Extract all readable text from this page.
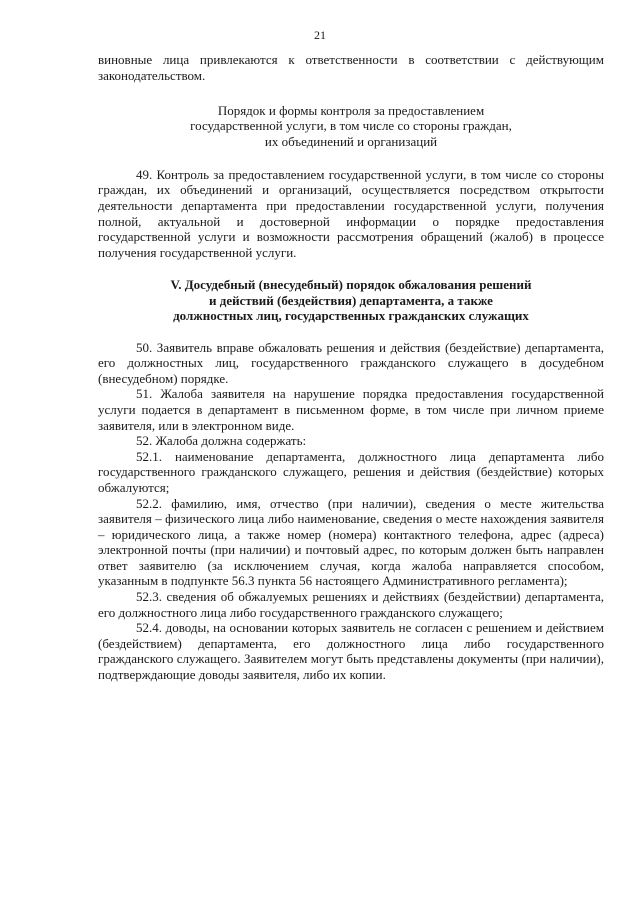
21

виновные лица привлекаются к ответственности в соответствии с действующим законодательством.

Порядок и формы контроля за предоставлением
государственной услуги, в том числе со стороны граждан,
их объединений и организаций

49. Контроль за предоставлением государственной услуги, в том числе со стороны граждан, их объединений и организаций, осуществляется посредством открытости деятельности департамента при предоставлении государственной услуги, получения полной, актуальной и достоверной информации о порядке предоставления государственной услуги и возможности рассмотрения обращений (жалоб) в процессе получения государственной услуги.

V. Досудебный (внесудебный) порядок обжалования решений
и действий (бездействия) департамента, а также
должностных лиц, государственных гражданских служащих

50. Заявитель вправе обжаловать решения и действия (бездействие) департамента, его должностных лиц, государственного гражданского служащего в досудебном (внесудебном) порядке.

51. Жалоба заявителя на нарушение порядка предоставления государственной услуги подается в департамент в письменном форме, в том числе при личном приеме заявителя, или в электронном виде.

52. Жалоба должна содержать:

52.1. наименование департамента, должностного лица департамента либо государственного гражданского служащего, решения и действия (бездействие) которых обжалуются;

52.2. фамилию, имя, отчество (при наличии), сведения о месте жительства заявителя – физического лица либо наименование, сведения о месте нахождения заявителя – юридического лица, а также номер (номера) контактного телефона, адрес (адреса) электронной почты (при наличии) и почтовый адрес, по которым должен быть направлен ответ заявителю (за исключением случая, когда жалоба направляется способом, указанным в подпункте 56.3 пункта 56 настоящего Административного регламента);

52.3. сведения об обжалуемых решениях и действиях (бездействии) департамента, его должностного лица либо государственного гражданского служащего;

52.4. доводы, на основании которых заявитель не согласен с решением и действием (бездействием) департамента, его должностного лица либо государственного гражданского служащего. Заявителем могут быть представлены документы (при наличии), подтверждающие доводы заявителя, либо их копии.
